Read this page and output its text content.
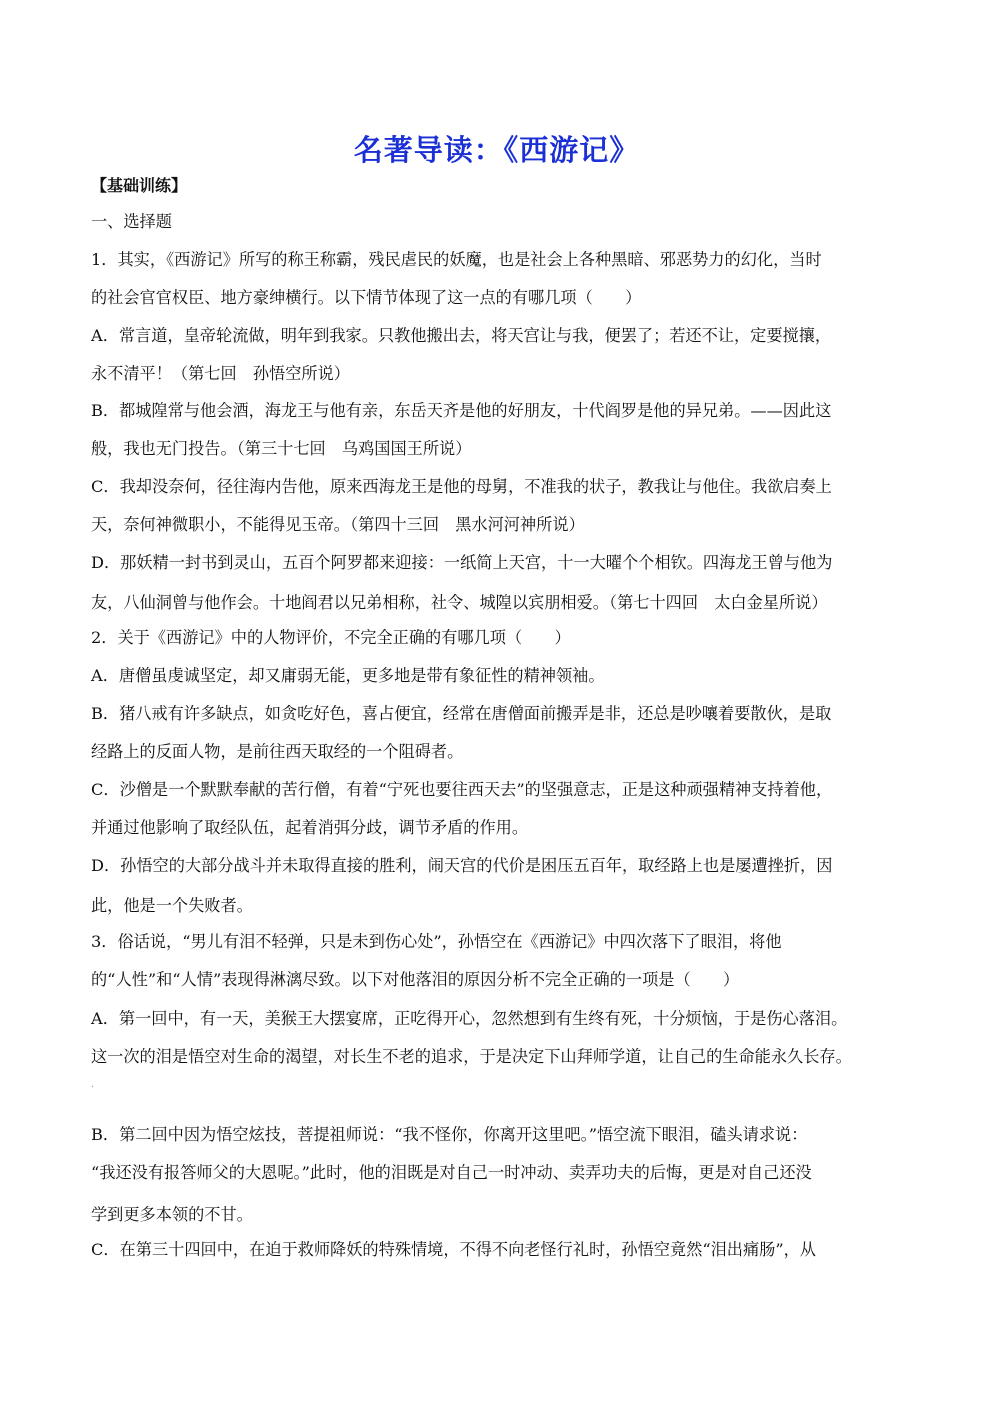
名著导读：《西游记》
【基础训练】
一、选择题
1．其实，《西游记》所写的称王称霸，残民虐民的妖魔，也是社会上各种黑暗、邪恶势力的幻化，当时
的社会官官权臣、地方豪绅横行。以下情节体现了这一点的有哪几项（　　）
A．常言道，皇帝轮流做，明年到我家。只教他搬出去，将天宫让与我，便罢了；若还不让，定要搅攘，
永不清平！（第七回　孙悟空所说）
B．都城隍常与他会酒，海龙王与他有亲，东岳天齐是他的好朋友，十代阎罗是他的异兄弟。——因此这
般，我也无门投告。（第三十七回　乌鸡国国王所说）
C．我却没奈何，径往海内告他，原来西海龙王是他的母舅，不准我的状子，教我让与他住。我欲启奏上
天，奈何神微职小，不能得见玉帝。（第四十三回　黑水河河神所说）
D．那妖精一封书到灵山，五百个阿罗都来迎接：一纸简上天宫，十一大曜个个相钦。四海龙王曾与他为
友，八仙洞曾与他作会。十地阎君以兄弟相称，社令、城隍以宾朋相爱。（第七十四回　太白金星所说）
2．关于《西游记》中的人物评价，不完全正确的有哪几项（　　）
A．唐僧虽虔诚坚定，却又庸弱无能，更多地是带有象征性的精神领袖。
B．猪八戒有许多缺点，如贪吃好色，喜占便宜，经常在唐僧面前搬弄是非，还总是吵嚷着要散伙，是取
经路上的反面人物，是前往西天取经的一个阻碍者。
C．沙僧是一个默默奉献的苦行僧，有着“宁死也要往西天去”的坚强意志，正是这种顽强精神支持着他，
并通过他影响了取经队伍，起着消弭分歧，调节矛盾的作用。
D．孙悟空的大部分战斗并未取得直接的胜利，闹天宫的代价是困压五百年，取经路上也是屡遭挫折，因
此，他是一个失败者。
3．俗话说，“男儿有泪不轻弹，只是未到伤心处”，孙悟空在《西游记》中四次落下了眼泪，将他
的“人性”和“人情”表现得淋漓尽致。以下对他落泪的原因分析不完全正确的一项是（　　）
A．第一回中，有一天，美猴王大摆宴席，正吃得开心，忽然想到有生终有死，十分烦恼，于是伤心落泪。
这一次的泪是悟空对生命的渴望，对长生不老的追求，于是决定下山拜师学道，让自己的生命能永久长存。
·
B．第二回中因为悟空炫技，菩提祖师说：“我不怪你，你离开这里吧。”悟空流下眼泪，磕头请求说：
“我还没有报答师父的大恩呢。”此时，他的泪既是对自己一时冲动、卖弄功夫的后悔，更是对自己还没
学到更多本领的不甘。
C．在第三十四回中，在迫于救师降妖的特殊情境，不得不向老怪行礼时，孙悟空竟然“泪出痛肠”，从
